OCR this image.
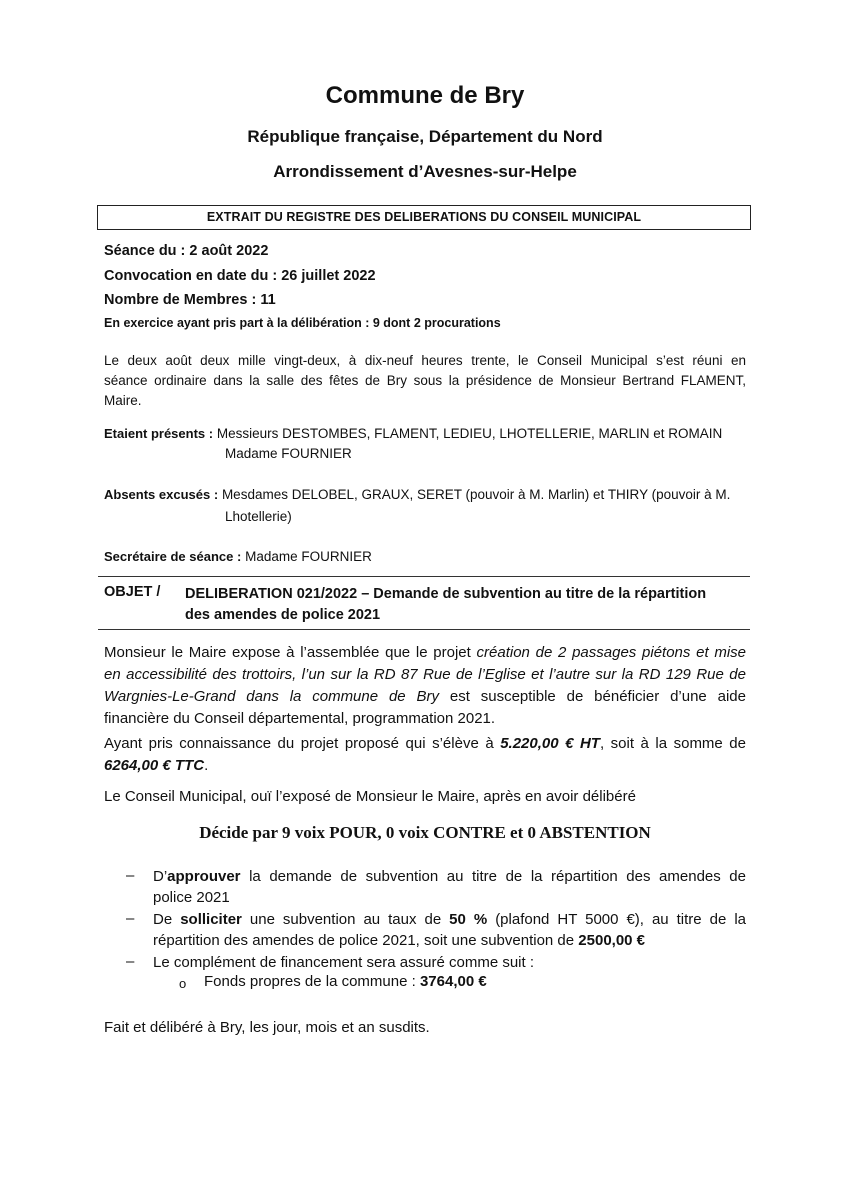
Commune de Bry
République française, Département du Nord
Arrondissement d’Avesnes-sur-Helpe
EXTRAIT DU REGISTRE DES DELIBERATIONS DU CONSEIL MUNICIPAL
Séance du : 2 août 2022
Convocation en date du : 26 juillet 2022
Nombre de Membres : 11
En exercice ayant pris part à la délibération : 9 dont 2 procurations
Le deux août deux mille vingt-deux, à dix-neuf heures trente, le Conseil Municipal s’est réuni en
séance ordinaire dans la salle des fêtes de Bry sous la présidence de Monsieur Bertrand FLAMENT,
Maire.
Etaient présents : Messieurs DESTOMBES, FLAMENT, LEDIEU, LHOTELLERIE, MARLIN et ROMAIN
Madame FOURNIER
Absents excusés : Mesdames DELOBEL, GRAUX, SERET (pouvoir à M. Marlin) et THIRY (pouvoir à M.
Lhotellerie)
Secrétaire de séance : Madame FOURNIER
OBJET / DELIBERATION 021/2022 – Demande de subvention au titre de la répartition
des amendes de police 2021
Monsieur le Maire expose à l’assemblée que le projet création de 2 passages piétons et mise
en accessibilité des trottoirs, l’un sur la RD 87 Rue de l’Eglise et l’autre sur la RD 129 Rue de
Wargnies-Le-Grand dans la commune de Bry est susceptible de bénéficier d’une aide
financière du Conseil départemental, programmation 2021.
Ayant pris connaissance du projet proposé qui s’élève à 5.220,00 € HT, soit à la somme de
6264,00 € TTC.
Le Conseil Municipal, ouï l’exposé de Monsieur le Maire, après en avoir délibéré
Décide par 9 voix POUR, 0 voix CONTRE et 0 ABSTENTION
– D’approuver la demande de subvention au titre de la répartition des amendes de
police 2021
– De solliciter une subvention au taux de 50 % (plafond HT 5000 €), au titre de la
répartition des amendes de police 2021, soit une subvention de 2500,00 €
– Le complément de financement sera assuré comme suit :
o Fonds propres de la commune : 3764,00 €
Fait et délibéré à Bry, les jour, mois et an susdits.
